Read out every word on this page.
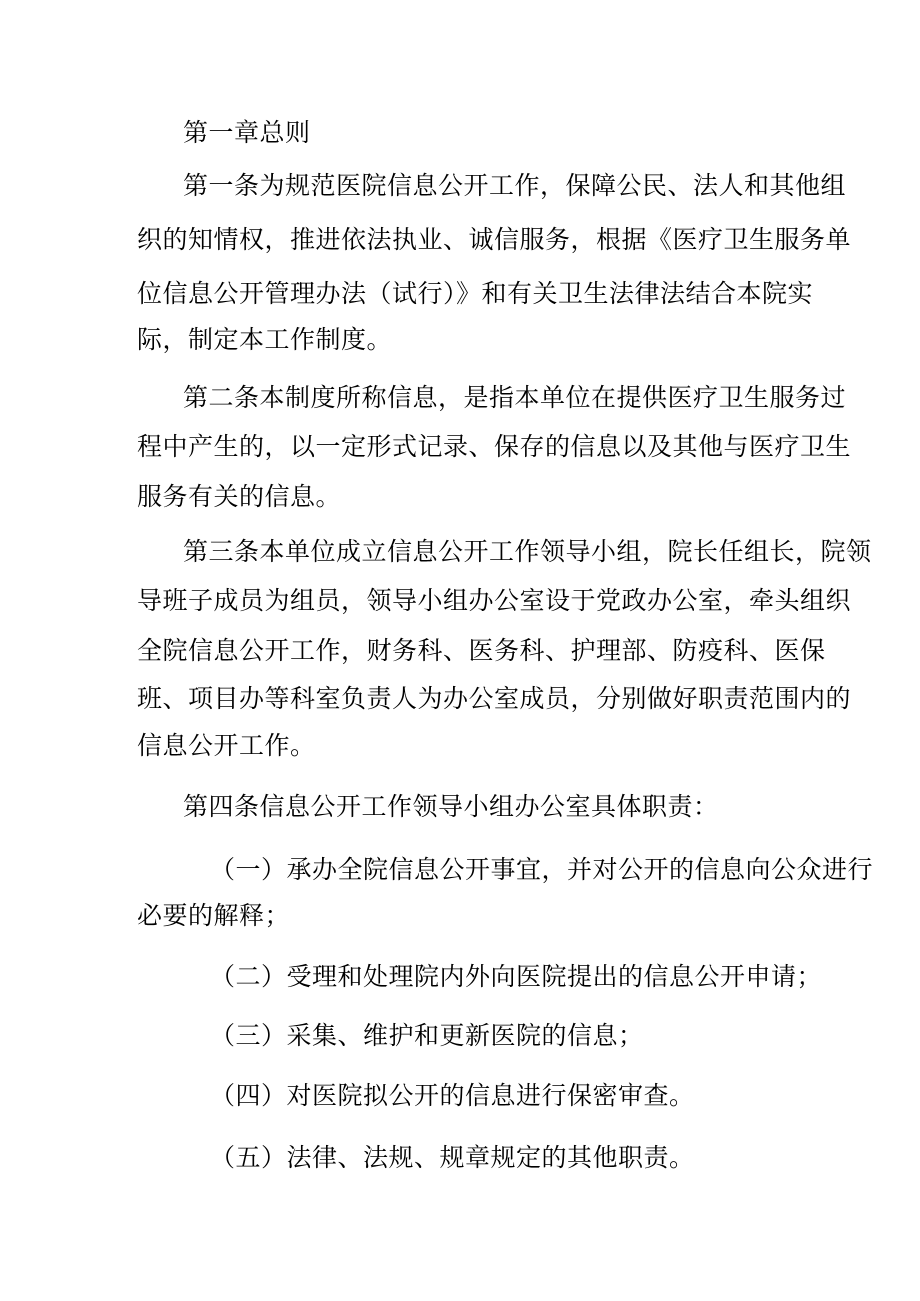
第一章总则
第一条为规范医院信息公开工作，保障公民、法人和其他组
织的知情权，推进依法执业、诚信服务，根据《医疗卫生服务单
位信息公开管理办法（试行）》和有关卫生法律法结合本院实
际，制定本工作制度。
第二条本制度所称信息，是指本单位在提供医疗卫生服务过
程中产生的，以一定形式记录、保存的信息以及其他与医疗卫生
服务有关的信息。
第三条本单位成立信息公开工作领导小组，院长任组长，院领
导班子成员为组员，领导小组办公室设于党政办公室，牵头组织
全院信息公开工作，财务科、医务科、护理部、防疫科、医保
班、项目办等科室负责人为办公室成员，分别做好职责范围内的
信息公开工作。
第四条信息公开工作领导小组办公室具体职责：
（一）承办全院信息公开事宜，并对公开的信息向公众进行
必要的解释；
（二）受理和处理院内外向医院提出的信息公开申请；
（三）采集、维护和更新医院的信息；
（四）对医院拟公开的信息进行保密审查。
（五）法律、法规、规章规定的其他职责。
